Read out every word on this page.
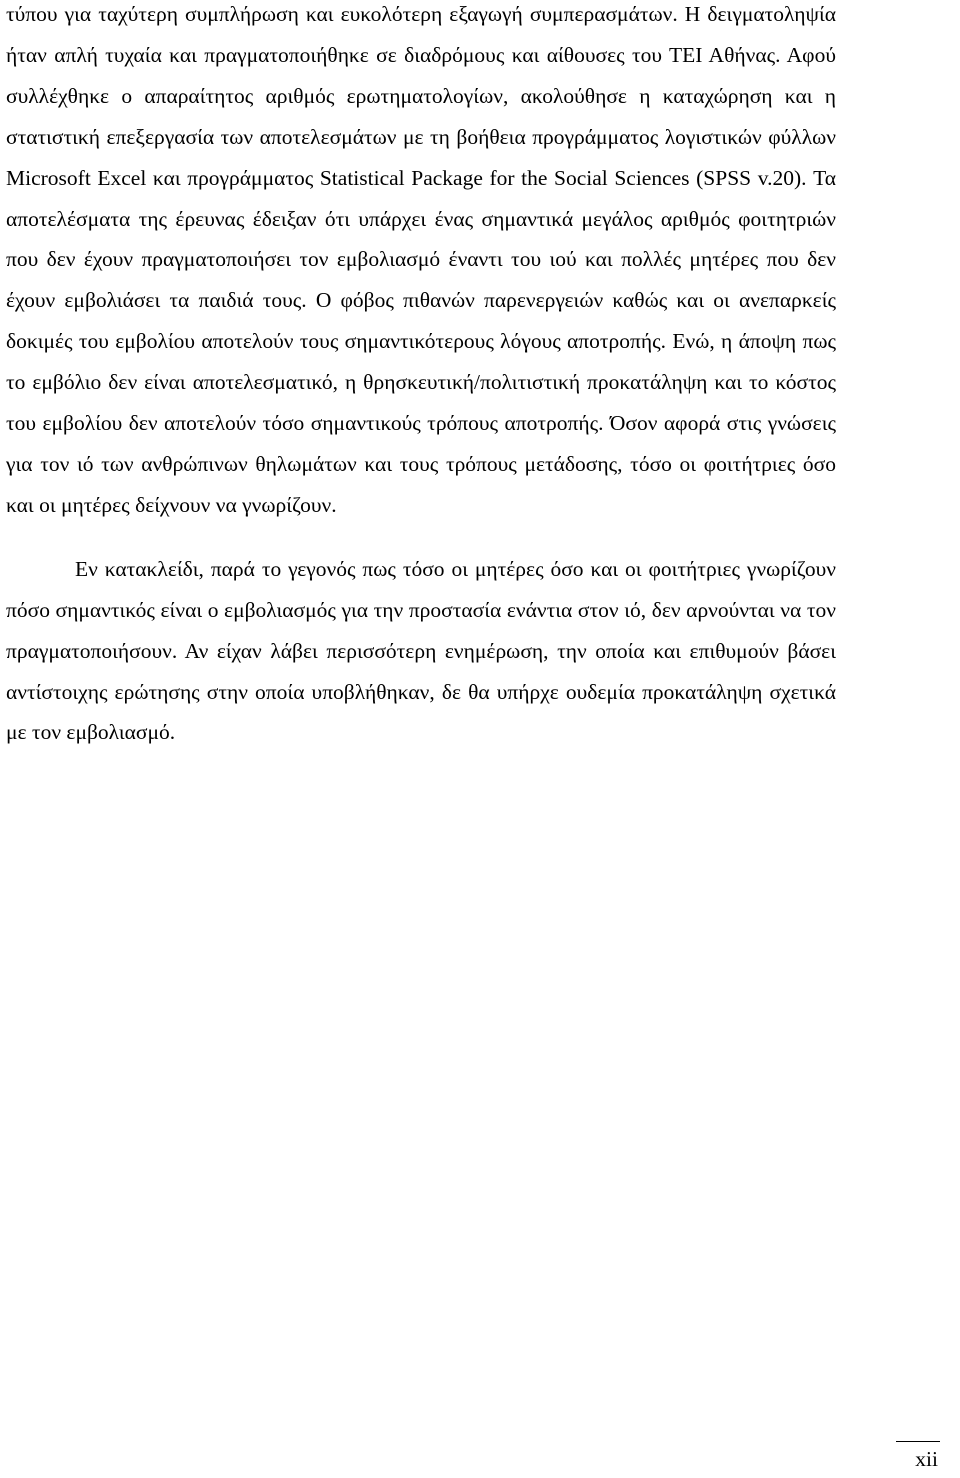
τύπου για ταχύτερη συμπλήρωση και ευκολότερη εξαγωγή συμπερασμάτων. Η δειγματοληψία ήταν απλή τυχαία και πραγματοποιήθηκε σε διαδρόμους και αίθουσες του ΤΕΙ Αθήνας. Αφού συλλέχθηκε ο απαραίτητος αριθμός ερωτηματολογίων, ακολούθησε η καταχώρηση και η στατιστική επεξεργασία των αποτελεσμάτων με τη βοήθεια προγράμματος λογιστικών φύλλων Microsoft Excel και προγράμματος Statistical Package for the Social Sciences (SPSS v.20). Τα αποτελέσματα της έρευνας έδειξαν ότι υπάρχει ένας σημαντικά μεγάλος αριθμός φοιτητριών που δεν έχουν πραγματοποιήσει τον εμβολιασμό έναντι του ιού και πολλές μητέρες που δεν έχουν εμβολιάσει τα παιδιά τους. Ο φόβος πιθανών παρενεργειών καθώς και οι ανεπαρκείς δοκιμές του εμβολίου αποτελούν τους σημαντικότερους λόγους αποτροπής. Ενώ, η άποψη πως το εμβόλιο δεν είναι αποτελεσματικό, η θρησκευτική/πολιτιστική προκατάληψη και το κόστος του εμβολίου δεν αποτελούν τόσο σημαντικούς τρόπους αποτροπής. Όσον αφορά στις γνώσεις για τον ιό των ανθρώπινων θηλωμάτων και τους τρόπους μετάδοσης, τόσο οι φοιτήτριες όσο και οι μητέρες δείχνουν να γνωρίζουν.

Εν κατακλείδι, παρά το γεγονός πως τόσο οι μητέρες όσο και οι φοιτήτριες γνωρίζουν πόσο σημαντικός είναι ο εμβολιασμός για την προστασία ενάντια στον ιό, δεν αρνούνται να τον πραγματοποιήσουν. Αν είχαν λάβει περισσότερη ενημέρωση, την οποία και επιθυμούν βάσει αντίστοιχης ερώτησης στην οποία υποβλήθηκαν, δε θα υπήρχε ουδεμία προκατάληψη σχετικά με τον εμβολιασμό.

xii
